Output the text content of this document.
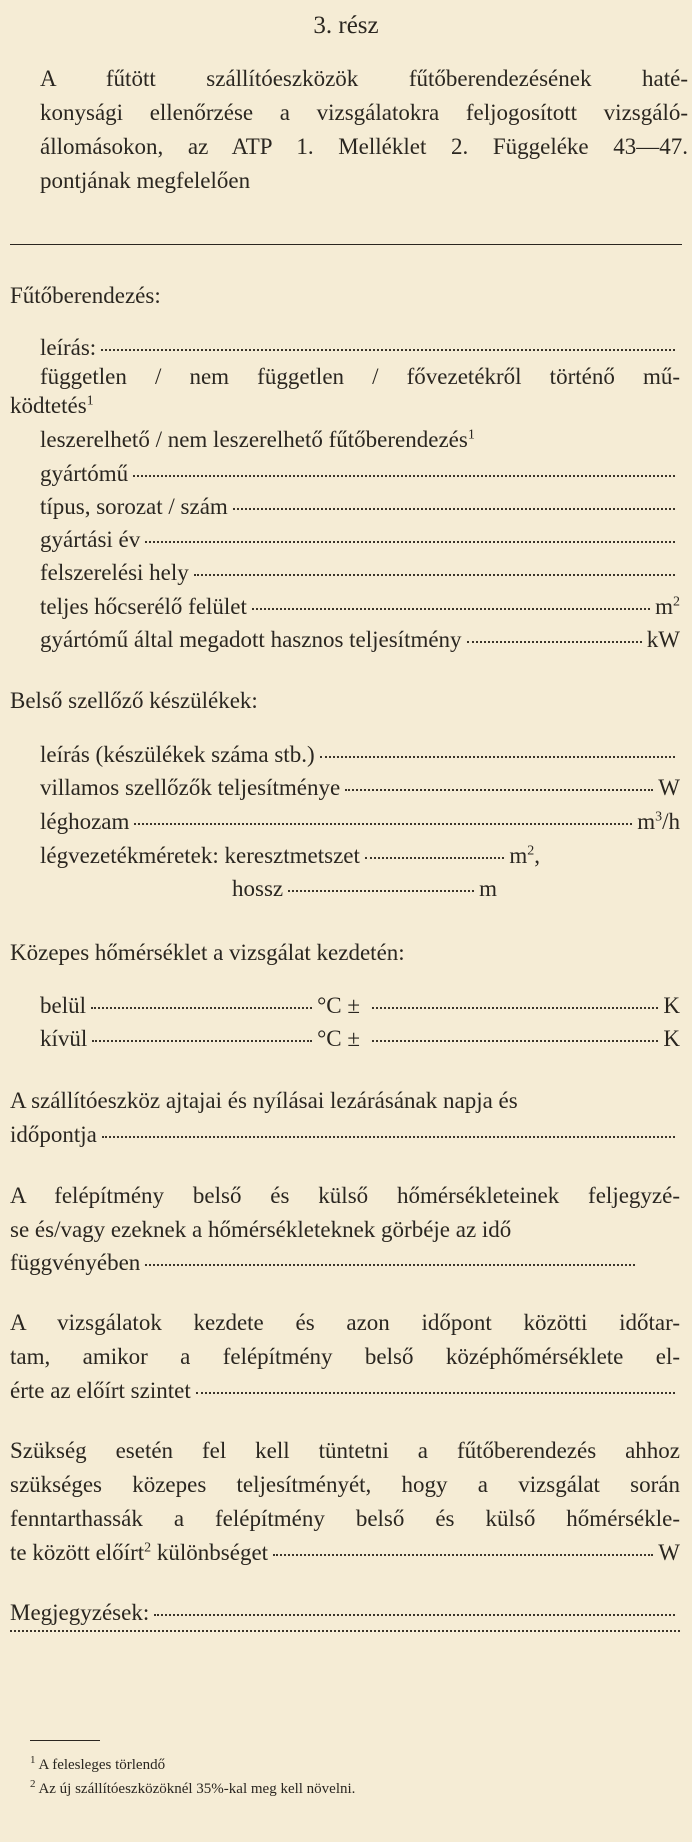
3. rész
A fűtött szállítóeszközök fűtőberendezésének haté-
konysági ellenőrzése a vizsgálatokra feljogosított vizsgáló-
állomásokon, az ATP 1. Melléklet 2. Függeléke 43—47.
pontjának megfelelően
Fűtőberendezés:
leírás:
független / nem független / fővezetékről történő mű-
ködtetés$^1$
leszerelhető / nem leszerelhető fűtőberendezés$^1$
gyártómű
típus, sorozat / szám
gyártási év
felszerelési hely
teljes hőcserélő felület	$m^2$
gyártómű által megadott hasznos teljesítmény	kW
Belső szellőző készülékek:
leírás (készülékek száma stb.)
villamos szellőzők teljesítménye	W
léghozam	$m^3/h$
légvezetékméretek: keresztmetszet	$m^2$,
hossz	m
Közepes hőmérséklet a vizsgálat kezdetén:
belül	°C ±	K
kívül	°C ±	K
A szállítóeszköz ajtajai és nyílásai lezárásának napja és
időpontja
A felépítmény belső és külső hőmérsékleteinek feljegyzé-
se és/vagy ezeknek a hőmérsékleteknek görbéje az idő
függvényében
A vizsgálatok kezdete és azon időpont közötti időtar-
tam, amikor a felépítmény belső középhőmérséklete el-
érte az előírt szintet
Szükség esetén fel kell tüntetni a fűtőberendezés ahhoz
szükséges közepes teljesítményét, hogy a vizsgálat során
fenntarthassák a felépítmény belső és külső hőmérsékle-
te között előírt$^2$ különbséget	W
Megjegyzések:
$^1$ A felesleges törlendő
$^2$ Az új szállítóeszközöknél 35%-kal meg kell növelni.
